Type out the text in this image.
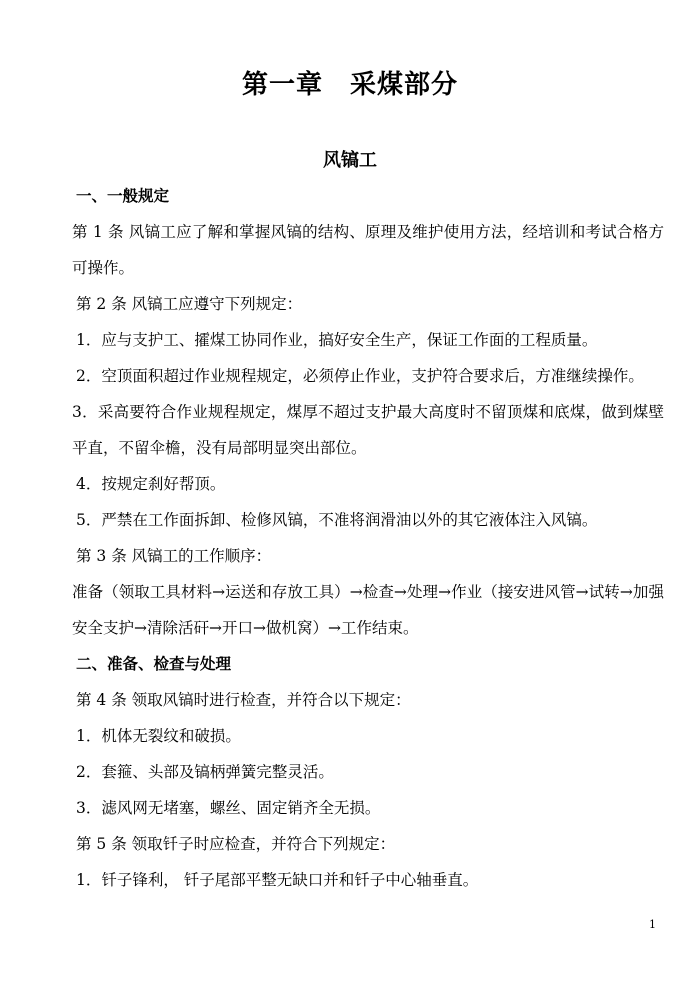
第一章　采煤部分
风镐工
一、一般规定
第 1 条 风镐工应了解和掌握风镐的结构、原理及维护使用方法，经培训和考试合格方可操作。
第 2 条 风镐工应遵守下列规定：
1．应与支护工、攉煤工协同作业，搞好安全生产，保证工作面的工程质量。
2．空顶面积超过作业规程规定，必须停止作业，支护符合要求后，方准继续操作。
3．采高要符合作业规程规定，煤厚不超过支护最大高度时不留顶煤和底煤，做到煤壁平直，不留伞檐，没有局部明显突出部位。
4．按规定刹好帮顶。
5．严禁在工作面拆卸、检修风镐，不准将润滑油以外的其它液体注入风镐。
第 3 条 风镐工的工作顺序：
准备（领取工具材料→运送和存放工具）→检查→处理→作业（接安进风管→试转→加强安全支护→清除活矸→开口→做机窝）→工作结束。
二、准备、检查与处理
第 4 条 领取风镐时进行检查，并符合以下规定：
1．机体无裂纹和破损。
2．套箍、头部及镐柄弹簧完整灵活。
3．滤风网无堵塞，螺丝、固定销齐全无损。
第 5 条 领取钎子时应检查，并符合下列规定：
1．钎子锋利， 钎子尾部平整无缺口并和钎子中心轴垂直。
1
